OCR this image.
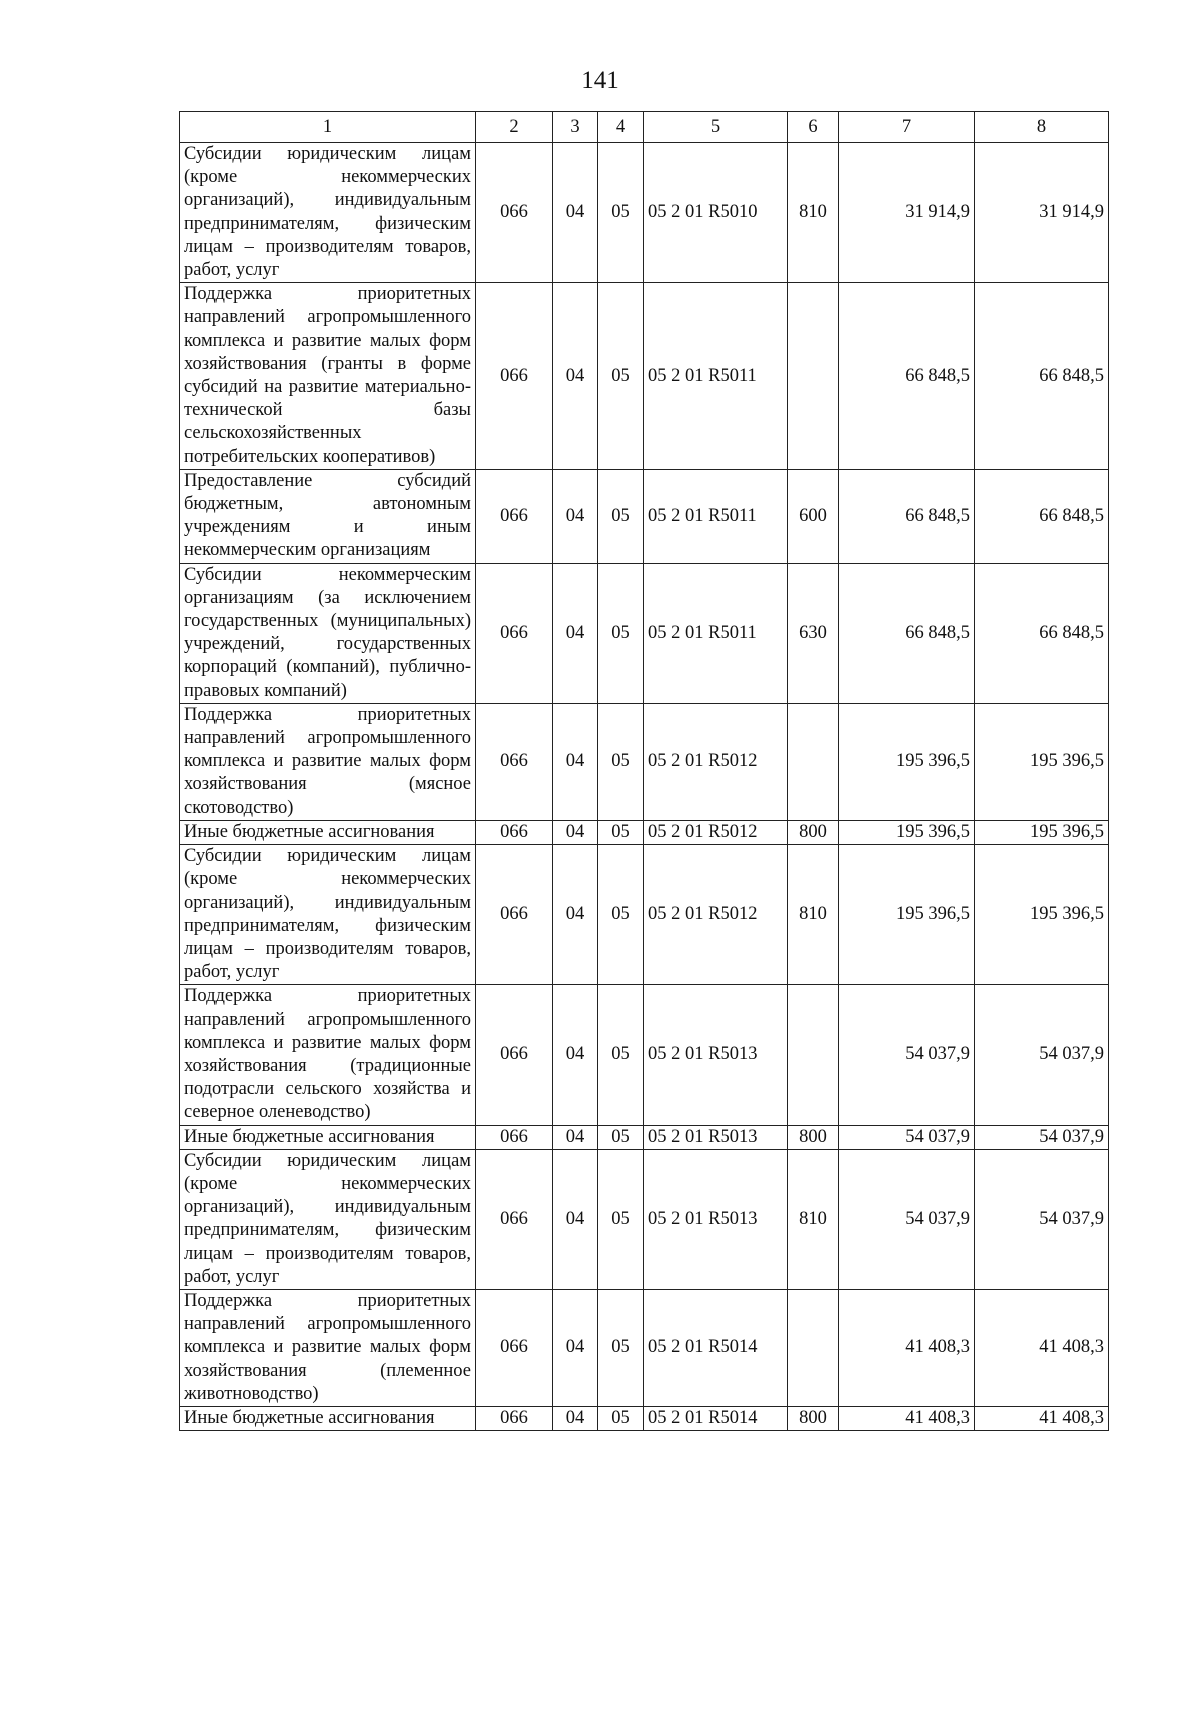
141
1	2	3	4	5	6	7	8
Субсидии юридическим лицам (кроме некоммерческих организаций), индивидуальным предпринимателям, физическим лицам – производителям товаров, работ, услуг	066	04	05	05 2 01 R5010	810	31 914,9	31 914,9
Поддержка приоритетных направлений агропромышленного комплекса и развитие малых форм хозяйствования (гранты в форме субсидий на развитие материально-технической базы сельскохозяйственных потребительских кооперативов)	066	04	05	05 2 01 R5011		66 848,5	66 848,5
Предоставление субсидий бюджетным, автономным учреждениям и иным некоммерческим организациям	066	04	05	05 2 01 R5011	600	66 848,5	66 848,5
Субсидии некоммерческим организациям (за исключением государственных (муниципальных) учреждений, государственных корпораций (компаний), публично-правовых компаний)	066	04	05	05 2 01 R5011	630	66 848,5	66 848,5
Поддержка приоритетных направлений агропромышленного комплекса и развитие малых форм хозяйствования (мясное скотоводство)	066	04	05	05 2 01 R5012		195 396,5	195 396,5
Иные бюджетные ассигнования	066	04	05	05 2 01 R5012	800	195 396,5	195 396,5
Субсидии юридическим лицам (кроме некоммерческих организаций), индивидуальным предпринимателям, физическим лицам – производителям товаров, работ, услуг	066	04	05	05 2 01 R5012	810	195 396,5	195 396,5
Поддержка приоритетных направлений агропромышленного комплекса и развитие малых форм хозяйствования (традиционные подотрасли сельского хозяйства и северное оленеводство)	066	04	05	05 2 01 R5013		54 037,9	54 037,9
Иные бюджетные ассигнования	066	04	05	05 2 01 R5013	800	54 037,9	54 037,9
Субсидии юридическим лицам (кроме некоммерческих организаций), индивидуальным предпринимателям, физическим лицам – производителям товаров, работ, услуг	066	04	05	05 2 01 R5013	810	54 037,9	54 037,9
Поддержка приоритетных направлений агропромышленного комплекса и развитие малых форм хозяйствования (племенное животноводство)	066	04	05	05 2 01 R5014		41 408,3	41 408,3
Иные бюджетные ассигнования	066	04	05	05 2 01 R5014	800	41 408,3	41 408,3
